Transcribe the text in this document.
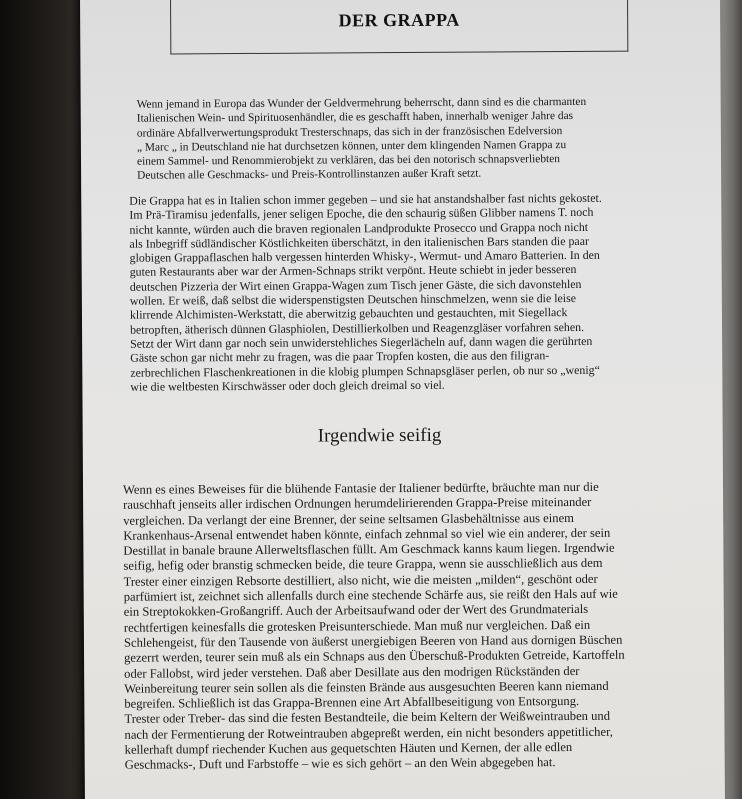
DER GRAPPA
Wenn jemand in Europa das Wunder der Geldvermehrung beherrscht, dann sind es die charmanten
Italienischen Wein- und Spirituosenhändler, die es geschafft haben, innerhalb weniger Jahre das
ordinäre Abfallverwertungsprodukt Tresterschnaps, das sich in der französischen Edelversion
„ Marc „ in Deutschland nie hat durchsetzen können, unter dem klingenden Namen Grappa zu
einem Sammel- und Renommierobjekt zu verklären, das bei den notorisch schnapsverliebten
Deutschen alle Geschmacks- und Preis-Kontrollinstanzen außer Kraft setzt.
Die Grappa hat es in Italien schon immer gegeben – und sie hat anstandshalber fast nichts gekostet.
Im Prä-Tiramisu jedenfalls, jener seligen Epoche, die den schaurig süßen Glibber namens T. noch
nicht kannte, würden auch die braven regionalen Landprodukte Prosecco und Grappa noch nicht
als Inbegriff südländischer Köstlichkeiten überschätzt, in den italienischen Bars standen die paar
globigen Grappaflaschen halb vergessen hinterden Whisky-, Wermut- und Amaro Batterien. In den
guten Restaurants aber war der Armen-Schnaps strikt verpönt. Heute schiebt in jeder besseren
deutschen Pizzeria der Wirt einen Grappa-Wagen zum Tisch jener Gäste, die sich davonstehlen
wollen. Er weiß, daß selbst die widerspenstigsten Deutschen hinschmelzen, wenn sie die leise
klirrende Alchimisten-Werkstatt, die aberwitzig gebauchten und gestauchten, mit Siegellack
betropften, ätherisch dünnen Glasphiolen, Destillierkolben und Reagenzgläser vorfahren sehen.
Setzt der Wirt dann gar noch sein unwiderstehliches Siegerlächeln auf, dann wagen die gerührten
Gäste schon gar nicht mehr zu fragen, was die paar Tropfen kosten, die aus den filigran-
zerbrechlichen Flaschenkreationen in die klobig plumpen Schnapsgläser perlen, ob nur so „wenig“
wie die weltbesten Kirschwässer oder doch gleich dreimal so viel.
Irgendwie seifig
Wenn es eines Beweises für die blühende Fantasie der Italiener bedürfte, bräuchte man nur die
rauschhaft jenseits aller irdischen Ordnungen herumdelirierenden Grappa-Preise miteinander
vergleichen. Da verlangt der eine Brenner, der seine seltsamen Glasbehältnisse aus einem
Krankenhaus-Arsenal entwendet haben könnte, einfach zehnmal so viel wie ein anderer, der sein
Destillat in banale braune Allerweltsflaschen füllt. Am Geschmack kanns kaum liegen. Irgendwie
seifig, hefig oder branstig schmecken beide, die teure Grappa, wenn sie ausschließlich aus dem
Trester einer einzigen Rebsorte destilliert, also nicht, wie die meisten „milden“, geschönt oder
parfümiert ist, zeichnet sich allenfalls durch eine stechende Schärfe aus, sie reißt den Hals auf wie
ein Streptokokken-Großangriff. Auch der Arbeitsaufwand oder der Wert des Grundmaterials
rechtfertigen keinesfalls die grotesken Preisunterschiede. Man muß nur vergleichen. Daß ein
Schlehengeist, für den Tausende von äußerst unergiebigen Beeren von Hand aus dornigen Büschen
gezerrt werden, teurer sein muß als ein Schnaps aus den Überschuß-Produkten Getreide, Kartoffeln
oder Fallobst, wird jeder verstehen. Daß aber Desillate aus den modrigen Rückständen der
Weinbereitung teurer sein sollen als die feinsten Brände aus ausgesuchten Beeren kann niemand
begreifen. Schließlich ist das Grappa-Brennen eine Art Abfallbeseitigung von Entsorgung.
Trester oder Treber- das sind die festen Bestandteile, die beim Keltern der Weißweintrauben und
nach der Fermentierung der Rotweintrauben abgepreßt werden, ein nicht besonders appetitlicher,
kellerhaft dumpf riechender Kuchen aus gequetschten Häuten und Kernen, der alle edlen
Geschmacks-, Duft und Farbstoffe – wie es sich gehört – an den Wein abgegeben hat.
